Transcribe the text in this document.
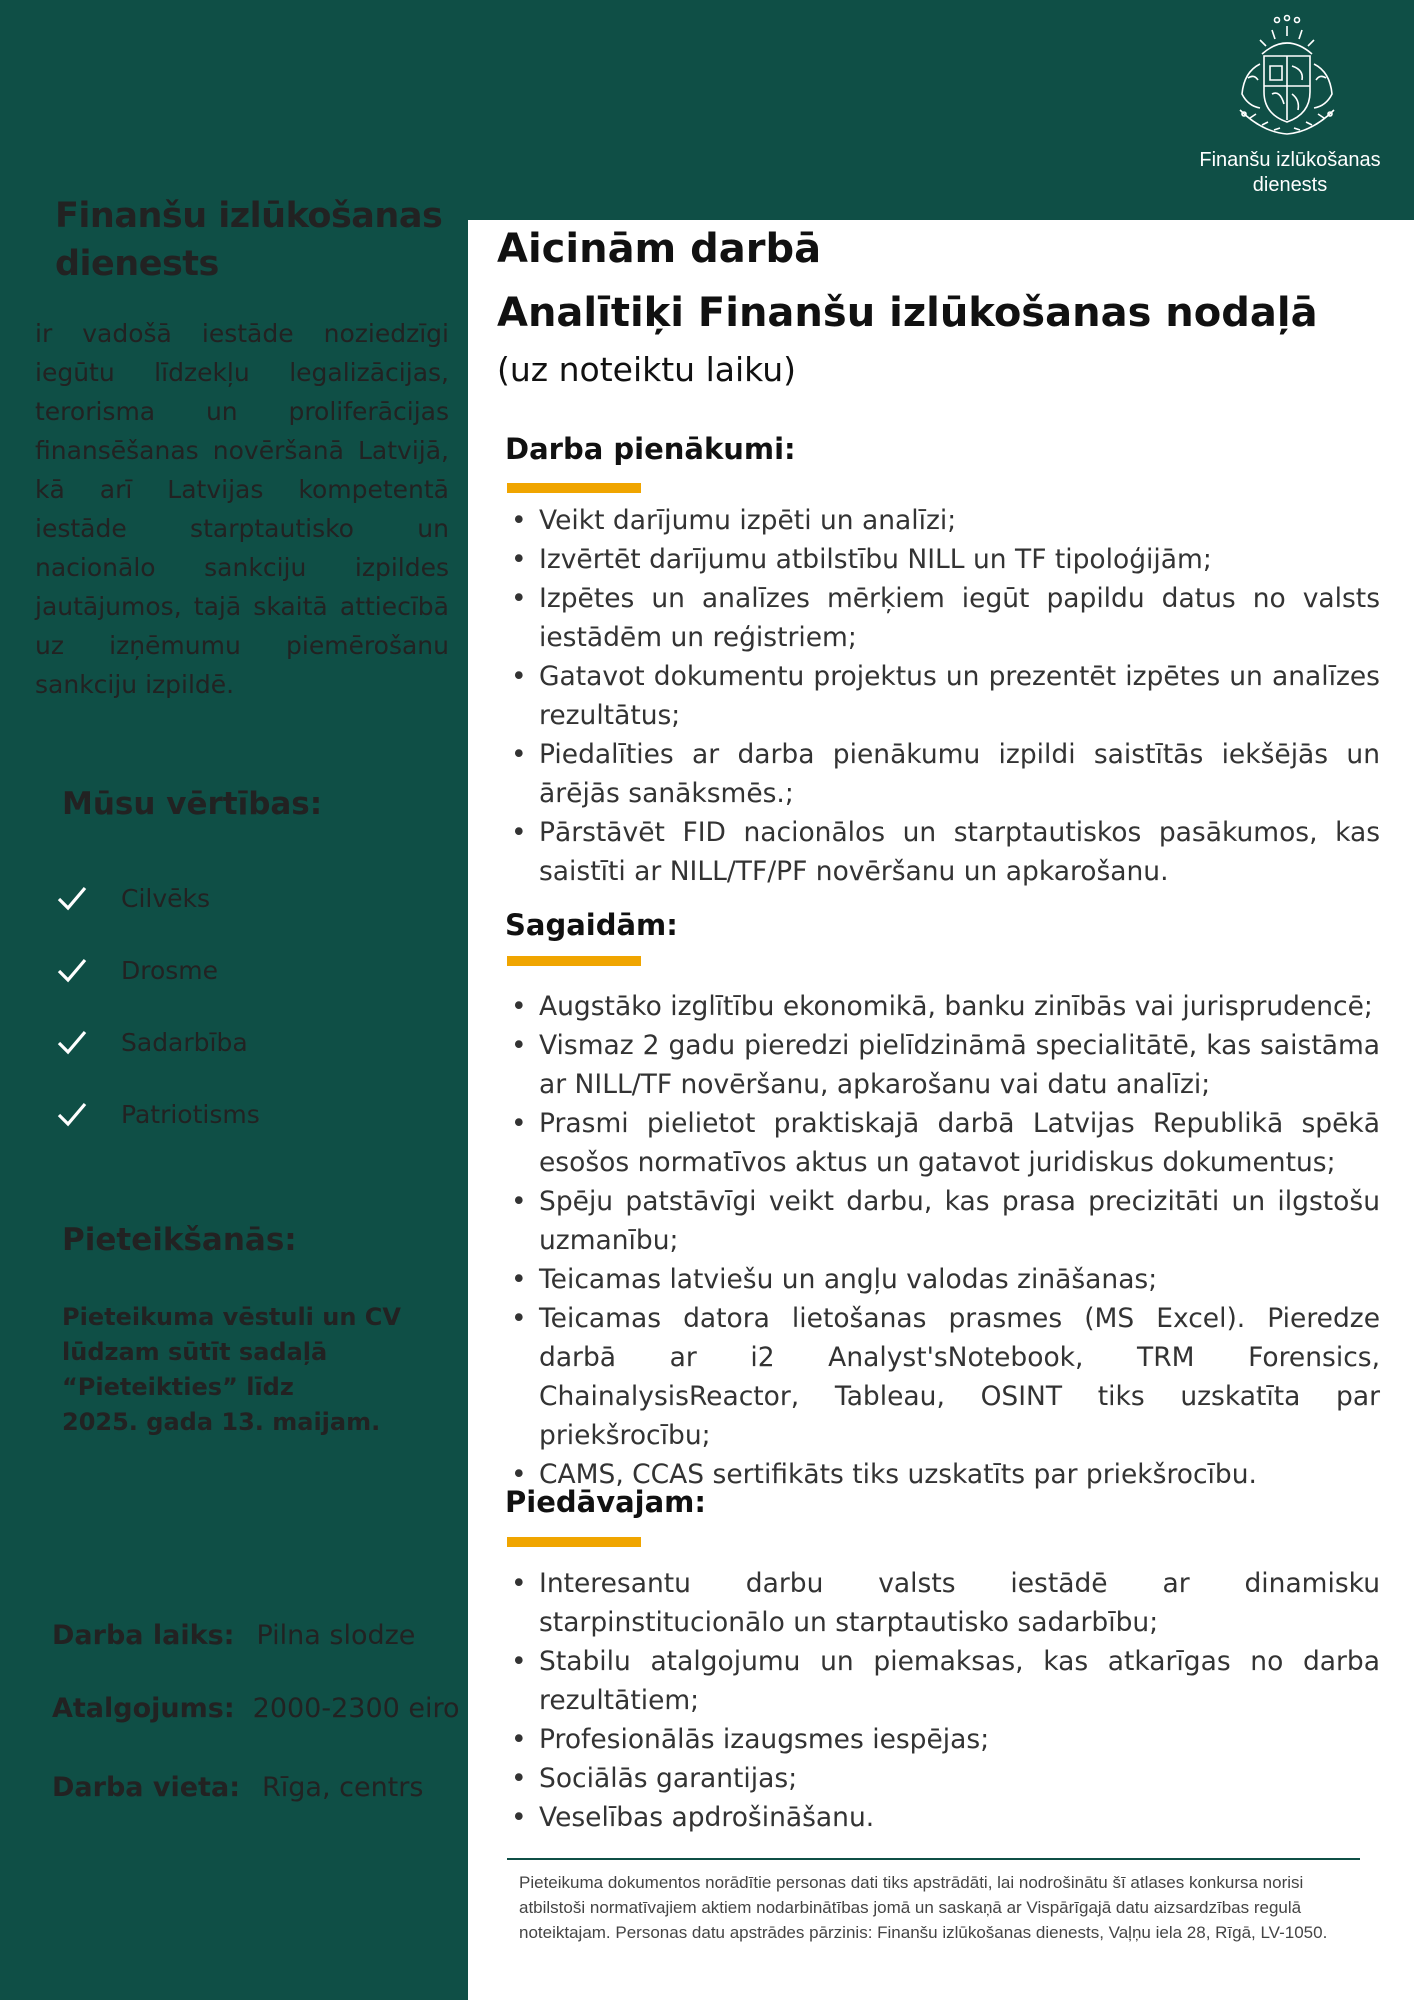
Finanšu izlūkošanas
dienests
Finanšu izlūkošanas dienests
ir vadošā iestāde noziedzīgi iegūtu līdzekļu legalizācijas, terorisma un proliferācijas finansēšanas novēršanā Latvijā, kā arī Latvijas kompetentā iestāde starptautisko un nacionālo sankciju izpildes jautājumos, tajā skaitā attiecībā uz izņēmumu piemērošanu sankciju izpildē.
Mūsu vērtības:
Cilvēks
Drosme
Sadarbība
Patriotisms
Pieteikšanās:
Pieteikuma vēstuli un CV
lūdzam sūtīt sadaļā
“Pieteikties” līdz
2025. gada 13. maijam.
Darba laiks: Pilna slodze
Atalgojums: 2000-2300 eiro
Darba vieta: Rīga, centrs
Aicinām darbā
Analītiķi Finanšu izlūkošanas nodaļā
(uz noteiktu laiku)
Darba pienākumi:
• Veikt darījumu izpēti un analīzi;
• Izvērtēt darījumu atbilstību NILL un TF tipoloģijām;
• Izpētes un analīzes mērķiem iegūt papildu datus no valsts iestādēm un reģistriem;
• Gatavot dokumentu projektus un prezentēt izpētes un analīzes rezultātus;
• Piedalīties ar darba pienākumu izpildi saistītās iekšējās un ārējās sanāksmēs.;
• Pārstāvēt FID nacionālos un starptautiskos pasākumos, kas saistīti ar NILL/TF/PF novēršanu un apkarošanu.
Sagaidām:
• Augstāko izglītību ekonomikā, banku zinībās vai jurisprudencē;
• Vismaz 2 gadu pieredzi pielīdzināmā specialitātē, kas saistāma ar NILL/TF novēršanu, apkarošanu vai datu analīzi;
• Prasmi pielietot praktiskajā darbā Latvijas Republikā spēkā esošos normatīvos aktus un gatavot juridiskus dokumentus;
• Spēju patstāvīgi veikt darbu, kas prasa precizitāti un ilgstošu uzmanību;
• Teicamas latviešu un angļu valodas zināšanas;
• Teicamas datora lietošanas prasmes (MS Excel). Pieredze darbā ar i2 Analyst'sNotebook, TRM Forensics, ChainalysisReactor, Tableau, OSINT tiks uzskatīta par priekšrocību;
• CAMS, CCAS sertifikāts tiks uzskatīts par priekšrocību.
Piedāvajam:
• Interesantu darbu valsts iestādē ar dinamisku starpinstitucionālo un starptautisko sadarbību;
• Stabilu atalgojumu un piemaksas, kas atkarīgas no darba rezultātiem;
• Profesionālās izaugsmes iespējas;
• Sociālās garantijas;
• Veselības apdrošināšanu.
Pieteikuma dokumentos norādītie personas dati tiks apstrādāti, lai nodrošinātu šī atlases konkursa norisi atbilstoši normatīvajiem aktiem nodarbinātības jomā un saskaņā ar Vispārīgajā datu aizsardzības regulā noteiktajam. Personas datu apstrādes pārzinis: Finanšu izlūkošanas dienests, Vaļņu iela 28, Rīgā, LV-1050.
